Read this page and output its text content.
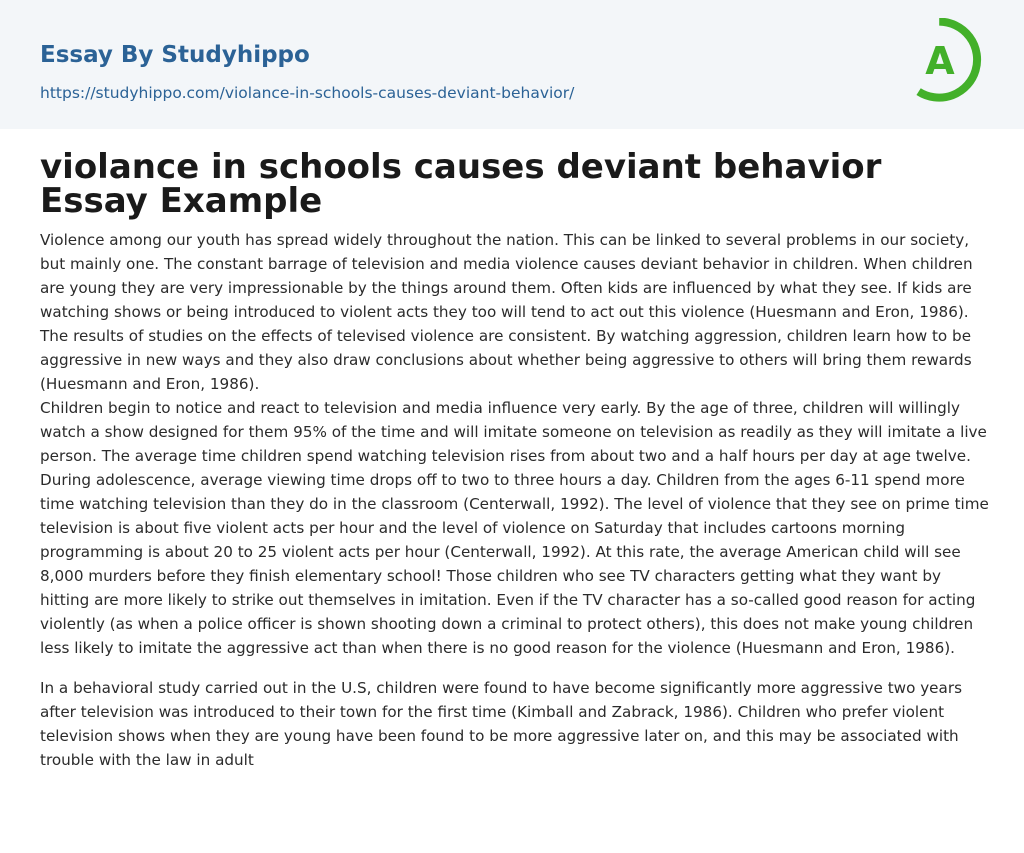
Essay By Studyhippo
https://studyhippo.com/violance-in-schools-causes-deviant-behavior/
A
violance in schools causes deviant behavior Essay Example

Violence among our youth has spread widely throughout the nation. This can be linked to several problems in our society, but mainly one. The constant barrage of television and media violence causes deviant behavior in children. When children are young they are very impressionable by the things around them. Often kids are influenced by what they see. If kids are watching shows or being introduced to violent acts they too will tend to act out this violence (Huesmann and Eron, 1986). The results of studies on the effects of televised violence are consistent. By watching aggression, children learn how to be aggressive in new ways and they also draw conclusions about whether being aggressive to others will bring them rewards (Huesmann and Eron, 1986).

Children begin to notice and react to television and media influence very early. By the age of three, children will willingly watch a show designed for them 95% of the time and will imitate someone on television as readily as they will imitate a live person. The average time children spend watching television rises from about two and a half hours per day at age twelve. During adolescence, average viewing time drops off to two to three hours a day. Children from the ages 6-11 spend more time watching television than they do in the classroom (Centerwall, 1992). The level of violence that they see on prime time television is about five violent acts per hour and the level of violence on Saturday that includes cartoons morning programming is about 20 to 25 violent acts per hour (Centerwall, 1992). At this rate, the average American child will see 8,000 murders before they finish elementary school! Those children who see TV characters getting what they want by hitting are more likely to strike out themselves in imitation. Even if the TV character has a so-called good reason for acting violently (as when a police officer is shown shooting down a criminal to protect others), this does not make young children less likely to imitate the aggressive act than when there is no good reason for the violence (Huesmann and Eron, 1986).

In a behavioral study carried out in the U.S, children were found to have become significantly more aggressive two years after television was introduced to their town for the first time (Kimball and Zabrack, 1986). Children who prefer violent television shows when they are young have been found to be more aggressive later on, and this may be associated with trouble with the law in adult
